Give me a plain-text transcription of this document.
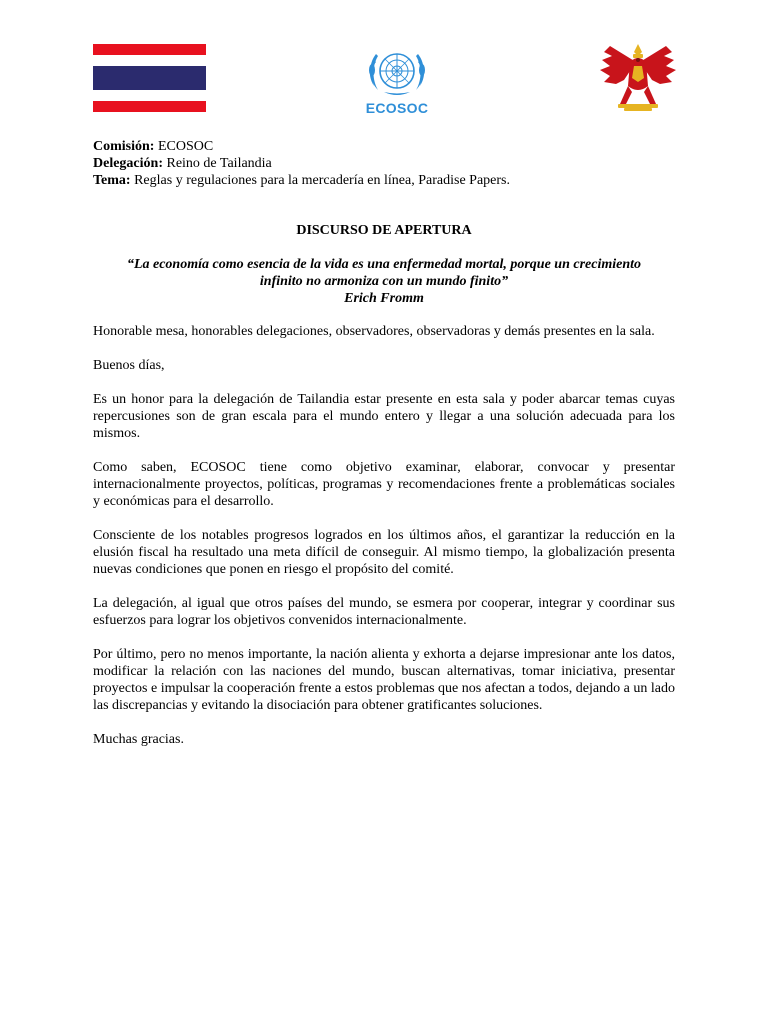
ECOSOC
Comisión: ECOSOC
Delegación: Reino de Tailandia
Tema: Reglas y regulaciones para la mercadería en línea, Paradise Papers.
DISCURSO DE APERTURA
“La economía como esencia de la vida es una enfermedad mortal, porque un crecimiento
infinito no armoniza con un mundo finito”
Erich Fromm

Honorable mesa, honorables delegaciones, observadores, observadoras y demás presentes en la sala.

Buenos días,

Es un honor para la delegación de Tailandia estar presente en esta sala y poder abarcar temas cuyas repercusiones son de gran escala para el mundo entero y llegar a una solución adecuada para los mismos.

Como saben, ECOSOC tiene como objetivo examinar, elaborar, convocar y presentar internacionalmente proyectos, políticas, programas y recomendaciones frente a problemáticas sociales y económicas para el desarrollo.

Consciente de los notables progresos logrados en los últimos años, el garantizar la reducción en la elusión fiscal ha resultado una meta difícil de conseguir. Al mismo tiempo, la globalización presenta nuevas condiciones que ponen en riesgo el propósito del comité.

La delegación, al igual que otros países del mundo, se esmera por cooperar, integrar y coordinar sus esfuerzos para lograr los objetivos convenidos internacionalmente.

Por último, pero no menos importante, la nación alienta y exhorta a dejarse impresionar ante los datos, modificar la relación con las naciones del mundo, buscan alternativas, tomar iniciativa, presentar proyectos e impulsar la cooperación frente a estos problemas que nos afectan a todos, dejando a un lado las discrepancias y evitando la disociación para obtener gratificantes soluciones.

Muchas gracias.
